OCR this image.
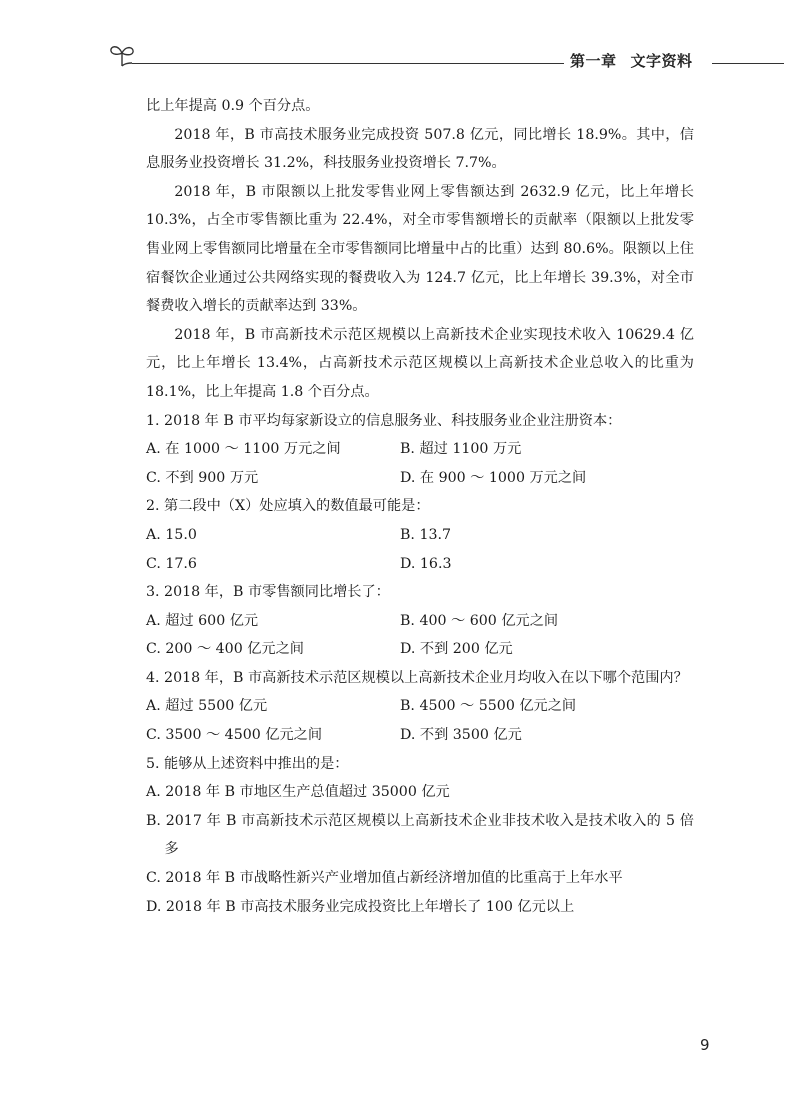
第一章 文字资料

比上年提高 0.9 个百分点。

2018 年，B 市高技术服务业完成投资 507.8 亿元，同比增长 18.9%。其中，信息服务业投资增长 31.2%，科技服务业投资增长 7.7%。

2018 年，B 市限额以上批发零售业网上零售额达到 2632.9 亿元，比上年增长 10.3%，占全市零售额比重为 22.4%，对全市零售额增长的贡献率（限额以上批发零售业网上零售额同比增量在全市零售额同比增量中占的比重）达到 80.6%。限额以上住宿餐饮企业通过公共网络实现的餐费收入为 124.7 亿元，比上年增长 39.3%，对全市餐费收入增长的贡献率达到 33%。

2018 年，B 市高新技术示范区规模以上高新技术企业实现技术收入 10629.4 亿元，比上年增长 13.4%，占高新技术示范区规模以上高新技术企业总收入的比重为 18.1%，比上年提高 1.8 个百分点。

1. 2018 年 B 市平均每家新设立的信息服务业、科技服务业企业注册资本：

A. 在 1000 ～ 1100 万元之间	B. 超过 1100 万元
C. 不到 900 万元	D. 在 900 ～ 1000 万元之间

2. 第二段中（X）处应填入的数值最可能是：

A. 15.0	B. 13.7
C. 17.6	D. 16.3

3. 2018 年，B 市零售额同比增长了：

A. 超过 600 亿元	B. 400 ～ 600 亿元之间
C. 200 ～ 400 亿元之间	D. 不到 200 亿元

4. 2018 年，B 市高新技术示范区规模以上高新技术企业月均收入在以下哪个范围内？

A. 超过 5500 亿元	B. 4500 ～ 5500 亿元之间
C. 3500 ～ 4500 亿元之间	D. 不到 3500 亿元

5. 能够从上述资料中推出的是：

A. 2018 年 B 市地区生产总值超过 35000 亿元

B. 2017 年 B 市高新技术示范区规模以上高新技术企业非技术收入是技术收入的 5 倍多

C. 2018 年 B 市战略性新兴产业增加值占新经济增加值的比重高于上年水平

D. 2018 年 B 市高技术服务业完成投资比上年增长了 100 亿元以上

9
